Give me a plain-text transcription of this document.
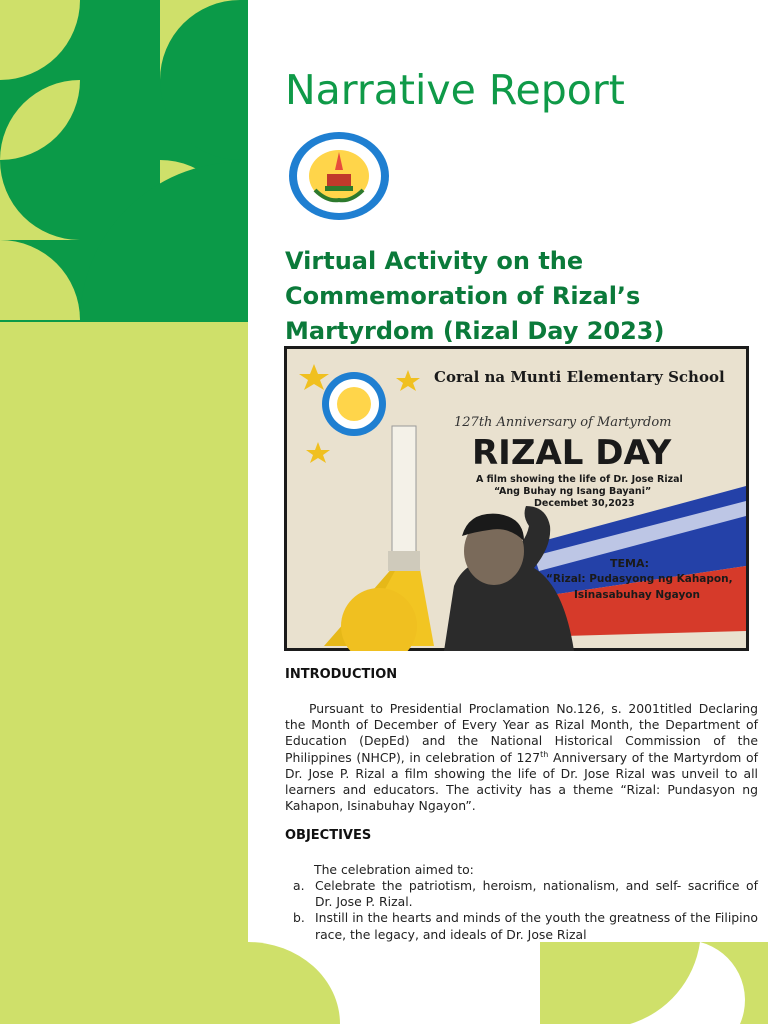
Narrative Report
Virtual Activity on the Commemoration of Rizal’s Martyrdom (Rizal Day 2023)
Coral na Munti Elementary School
127th Anniversary of Martyrdom
RIZAL DAY
A film showing the life of Dr. Jose Rizal
“Ang Buhay ng Isang Bayani”
Decembet 30,2023
TEMA:
“Rizal: Pudasyong ng Kahapon,
Isinasabuhay Ngayon
INTRODUCTION
Pursuant to Presidential Proclamation No.126, s. 2001titled Declaring the Month of December of Every Year as Rizal Month, the Department of Education (DepEd) and the National Historical Commission of the Philippines (NHCP), in celebration of 127th Anniversary of the Martyrdom of Dr. Jose P. Rizal a film showing the life of Dr. Jose Rizal was unveil to all learners and educators. The activity has a theme “Rizal: Pundasyon ng Kahapon, Isinabuhay Ngayon”.
OBJECTIVES
The celebration aimed to:
a. Celebrate the patriotism, heroism, nationalism, and self- sacrifice of Dr. Jose P. Rizal.
b. Instill in the hearts and minds of the youth the greatness of the Filipino race, the legacy, and ideals of Dr. Jose Rizal
